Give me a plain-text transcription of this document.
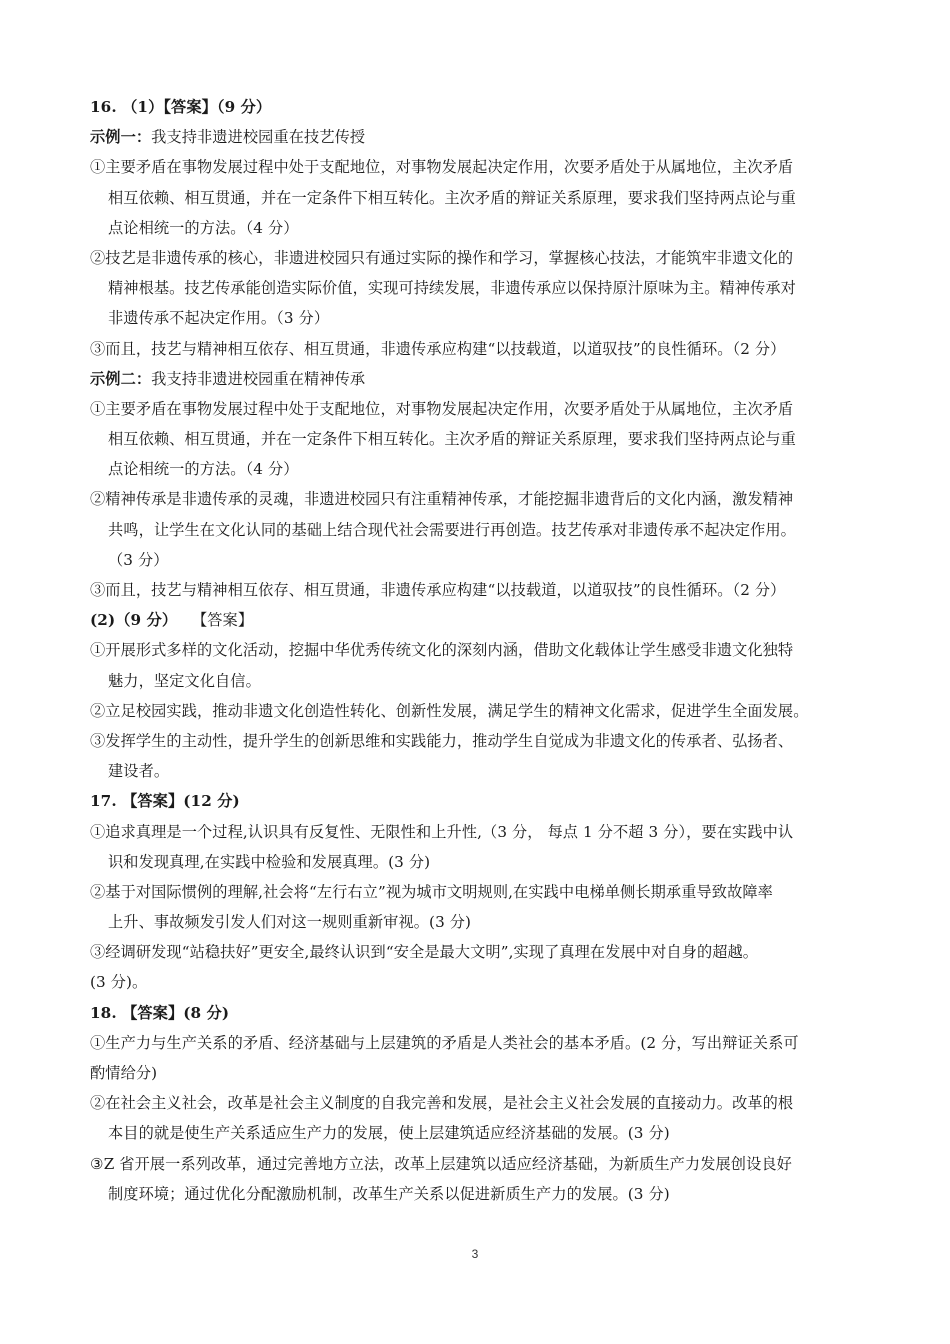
16. （1）【答案】（9 分）
示例一：我支持非遗进校园重在技艺传授
①主要矛盾在事物发展过程中处于支配地位，对事物发展起决定作用，次要矛盾处于从属地位，主次矛盾
相互依赖、相互贯通，并在一定条件下相互转化。主次矛盾的辩证关系原理，要求我们坚持两点论与重
点论相统一的方法。（4 分）
②技艺是非遗传承的核心，非遗进校园只有通过实际的操作和学习，掌握核心技法，才能筑牢非遗文化的
精神根基。技艺传承能创造实际价值，实现可持续发展，非遗传承应以保持原汁原味为主。精神传承对
非遗传承不起决定作用。（3 分）
③而且，技艺与精神相互依存、相互贯通，非遗传承应构建“以技载道，以道驭技”的良性循环。（2 分）
示例二：我支持非遗进校园重在精神传承
①主要矛盾在事物发展过程中处于支配地位，对事物发展起决定作用，次要矛盾处于从属地位，主次矛盾
相互依赖、相互贯通，并在一定条件下相互转化。主次矛盾的辩证关系原理，要求我们坚持两点论与重
点论相统一的方法。（4 分）
②精神传承是非遗传承的灵魂，非遗进校园只有注重精神传承，才能挖掘非遗背后的文化内涵，激发精神
共鸣，让学生在文化认同的基础上结合现代社会需要进行再创造。技艺传承对非遗传承不起决定作用。
（3 分）
③而且，技艺与精神相互依存、相互贯通，非遗传承应构建“以技载道，以道驭技”的良性循环。（2 分）
(2)（9 分） 【答案】
①开展形式多样的文化活动，挖掘中华优秀传统文化的深刻内涵，借助文化载体让学生感受非遗文化独特
魅力，坚定文化自信。
②立足校园实践，推动非遗文化创造性转化、创新性发展，满足学生的精神文化需求，促进学生全面发展。
③发挥学生的主动性，提升学生的创新思维和实践能力，推动学生自觉成为非遗文化的传承者、弘扬者、
建设者。
17. 【答案】(12 分)
①追求真理是一个过程,认识具有反复性、无限性和上升性,（3 分， 每点 1 分不超 3 分），要在实践中认
识和发现真理,在实践中检验和发展真理。(3 分)
②基于对国际惯例的理解,社会将“左行右立”视为城市文明规则,在实践中电梯单侧长期承重导致故障率
上升、事故频发引发人们对这一规则重新审视。(3 分)
③经调研发现“站稳扶好”更安全,最终认识到“安全是最大文明”,实现了真理在发展中对自身的超越。
(3 分)。
18. 【答案】(8 分)
①生产力与生产关系的矛盾、经济基础与上层建筑的矛盾是人类社会的基本矛盾。(2 分，写出辩证关系可
酌情给分)
②在社会主义社会，改革是社会主义制度的自我完善和发展，是社会主义社会发展的直接动力。改革的根
本目的就是使生产关系适应生产力的发展，使上层建筑适应经济基础的发展。(3 分)
③Z 省开展一系列改革，通过完善地方立法，改革上层建筑以适应经济基础，为新质生产力发展创设良好
制度环境；通过优化分配激励机制，改革生产关系以促进新质生产力的发展。(3 分)
3
